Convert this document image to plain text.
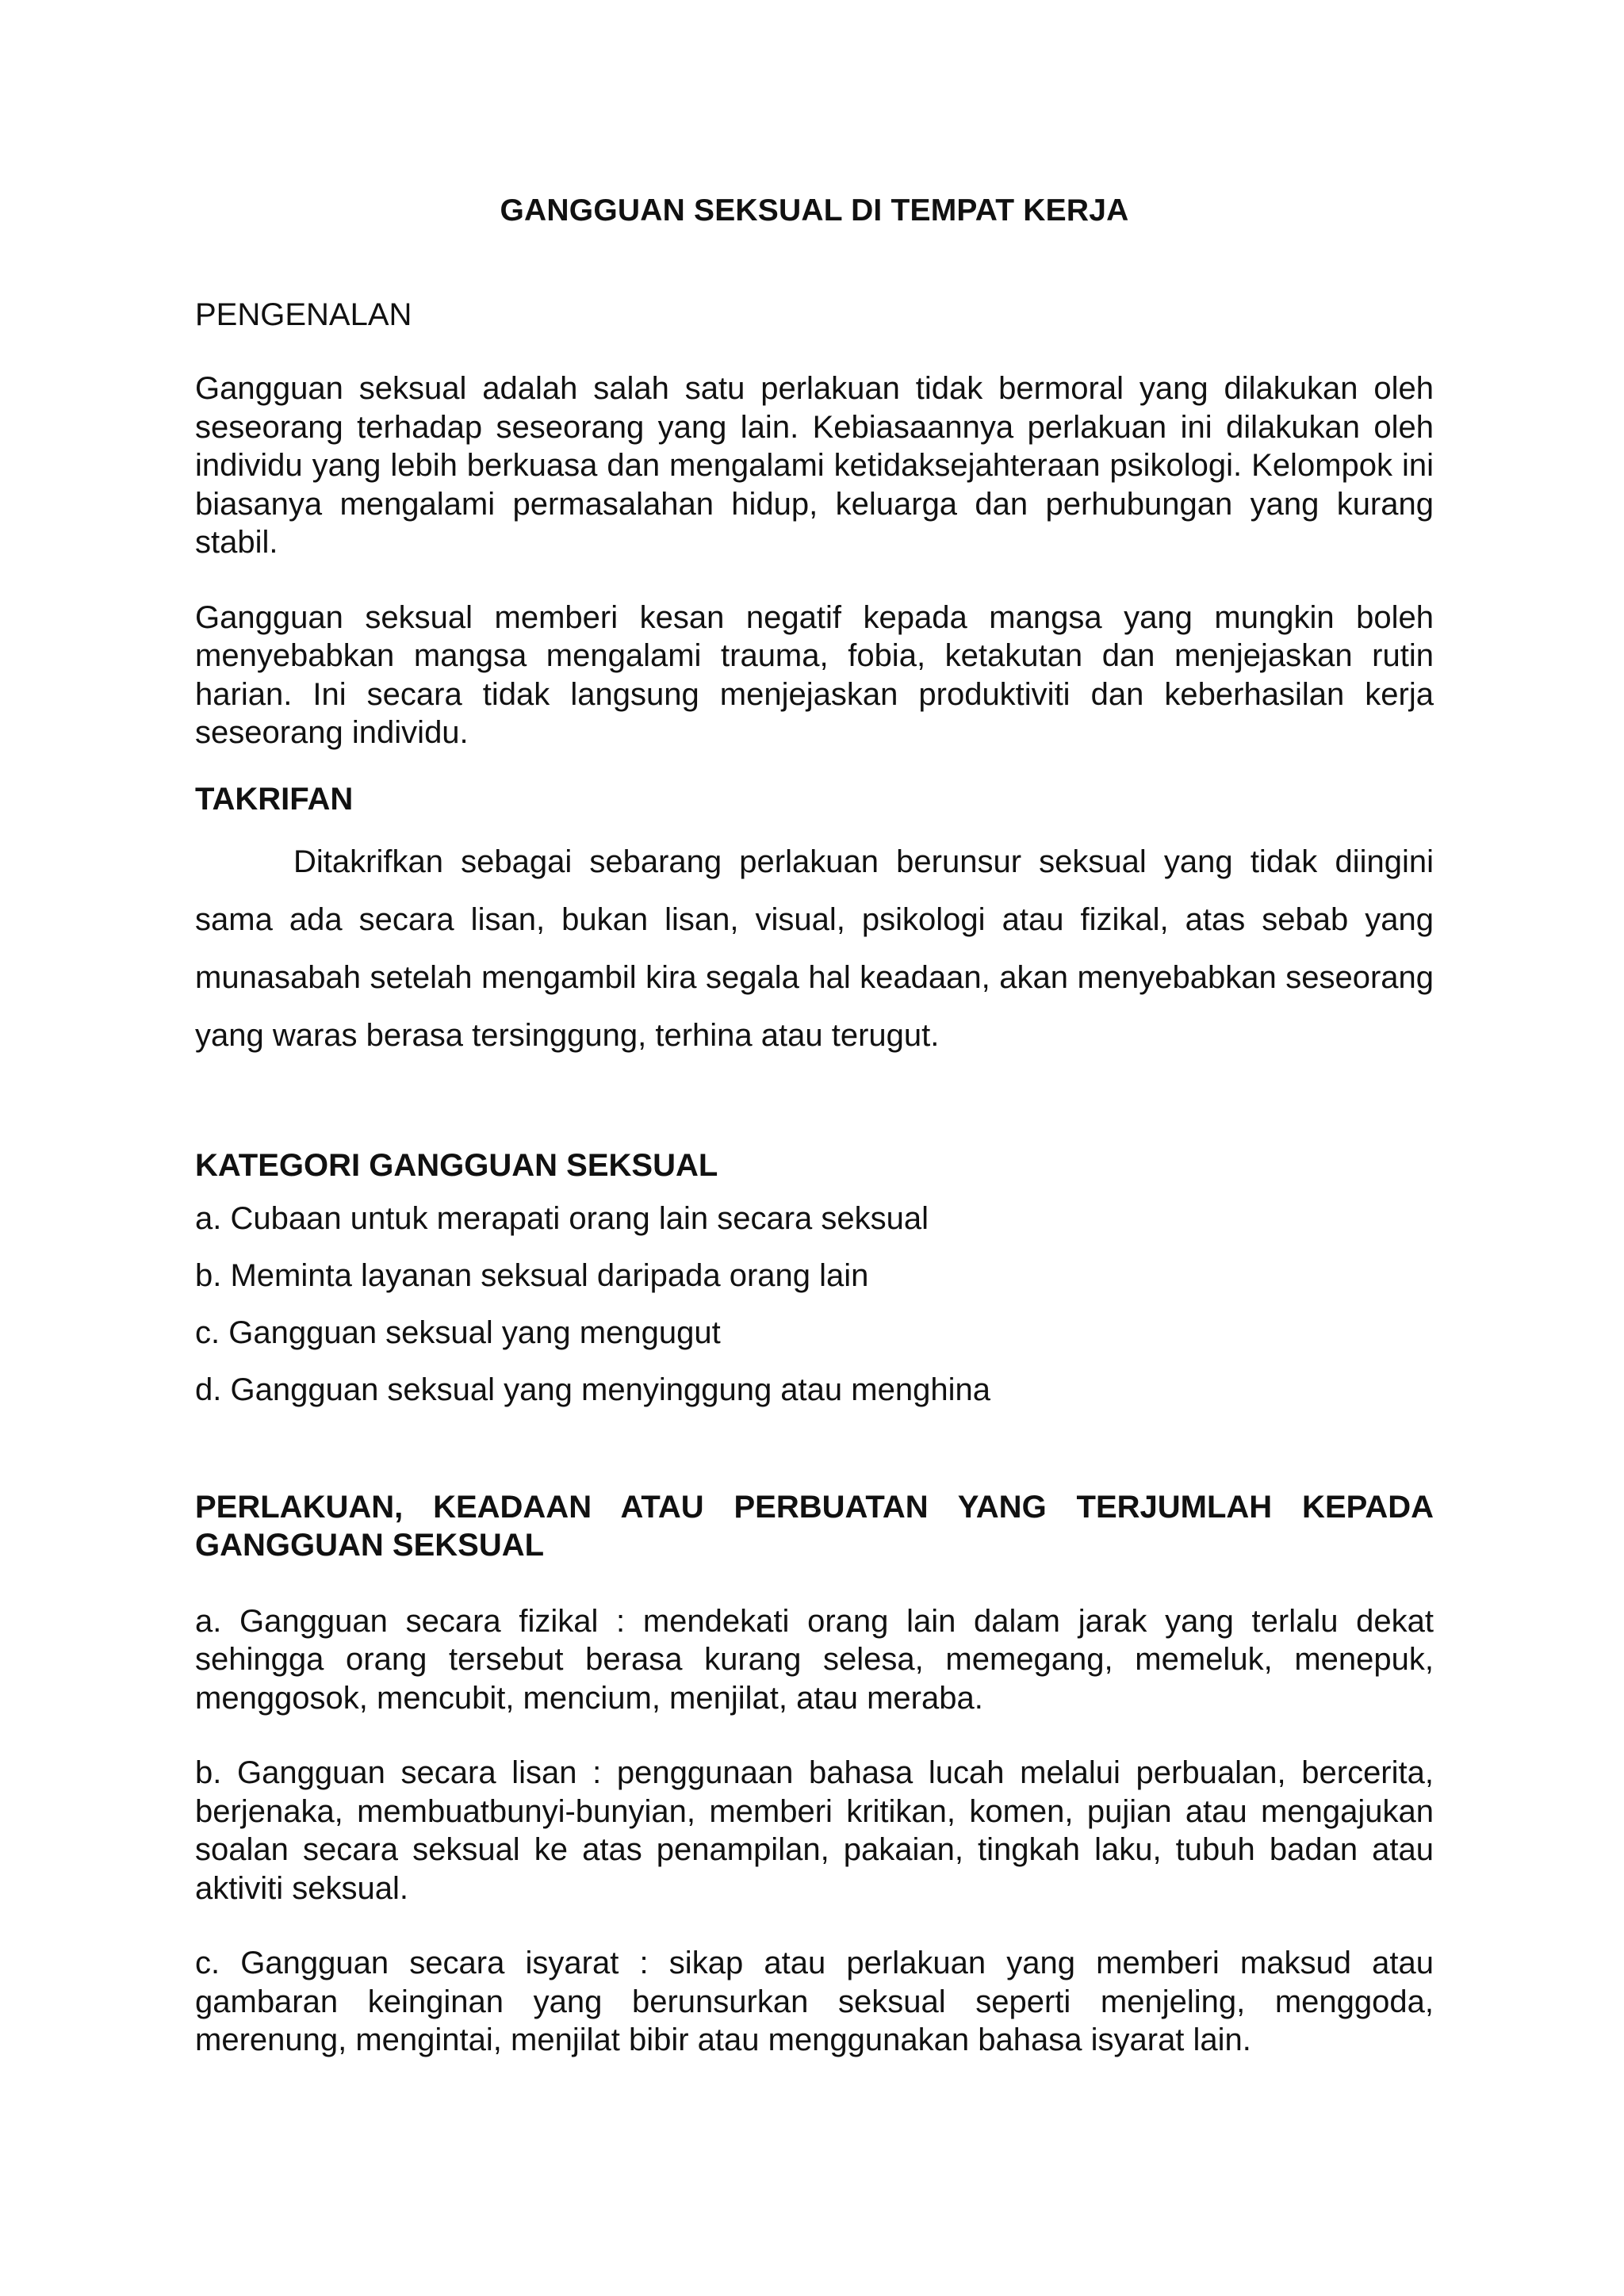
GANGGUAN SEKSUAL DI TEMPAT KERJA
PENGENALAN

Gangguan seksual adalah salah satu perlakuan tidak bermoral yang dilakukan oleh seseorang terhadap seseorang yang lain. Kebiasaannya perlakuan ini dilakukan oleh individu yang lebih berkuasa dan mengalami ketidaksejahteraan psikologi. Kelompok ini biasanya mengalami permasalahan hidup, keluarga dan perhubungan yang kurang stabil.

Gangguan seksual memberi kesan negatif kepada mangsa yang mungkin boleh menyebabkan mangsa mengalami trauma, fobia, ketakutan dan menjejaskan rutin harian. Ini secara tidak langsung menjejaskan produktiviti dan keberhasilan kerja seseorang individu.

TAKRIFAN

Ditakrifkan sebagai sebarang perlakuan berunsur seksual yang tidak diingini sama ada secara lisan, bukan lisan, visual, psikologi atau fizikal, atas sebab yang munasabah setelah mengambil kira segala hal keadaan, akan menyebabkan seseorang yang waras berasa tersinggung, terhina atau terugut.

KATEGORI GANGGUAN SEKSUAL
a. Cubaan untuk merapati orang lain secara seksual
b. Meminta layanan seksual daripada orang lain
c. Gangguan seksual yang mengugut
d. Gangguan seksual yang menyinggung atau menghina
PERLAKUAN, KEADAAN ATAU PERBUATAN YANG TERJUMLAH KEPADA GANGGUAN SEKSUAL

a. Gangguan secara fizikal : mendekati orang lain dalam jarak yang terlalu dekat sehingga orang tersebut berasa kurang selesa, memegang, memeluk, menepuk, menggosok, mencubit, mencium, menjilat, atau meraba.

b. Gangguan secara lisan : penggunaan bahasa lucah melalui perbualan, bercerita, berjenaka, membuatbunyi-bunyian, memberi kritikan, komen, pujian atau mengajukan soalan secara seksual ke atas penampilan, pakaian, tingkah laku, tubuh badan atau aktiviti seksual.

c. Gangguan secara isyarat : sikap atau perlakuan yang memberi maksud atau gambaran keinginan yang berunsurkan seksual seperti menjeling, menggoda, merenung, mengintai, menjilat bibir atau menggunakan bahasa isyarat lain.
